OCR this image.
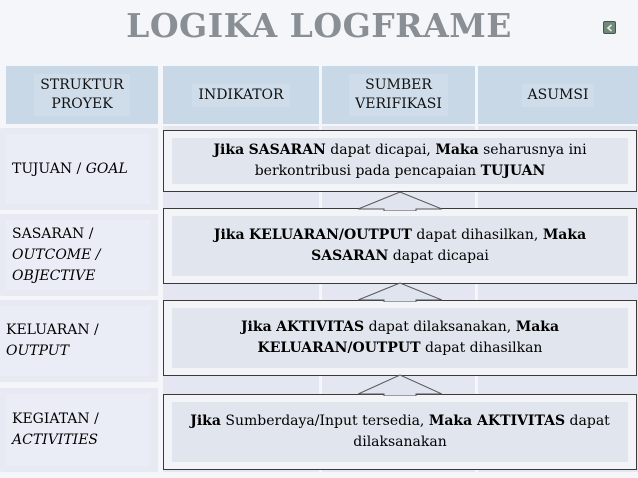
LOGIKA LOGFRAME
STRUKTUR
PROYEK
INDIKATOR
SUMBER
VERIFIKASI
ASUMSI
TUJUAN / GOAL
SASARAN /
OUTCOME /
OBJECTIVE
KELUARAN /
OUTPUT
KEGIATAN /
ACTIVITIES
Jika SASARAN dapat dicapai, Maka seharusnya ini berkontribusi pada pencapaian TUJUAN
Jika KELUARAN/OUTPUT dapat dihasilkan, Maka SASARAN dapat dicapai
Jika AKTIVITAS dapat dilaksanakan, Maka KELUARAN/OUTPUT dapat dihasilkan
Jika Sumberdaya/Input tersedia, Maka AKTIVITAS dapat dilaksanakan
